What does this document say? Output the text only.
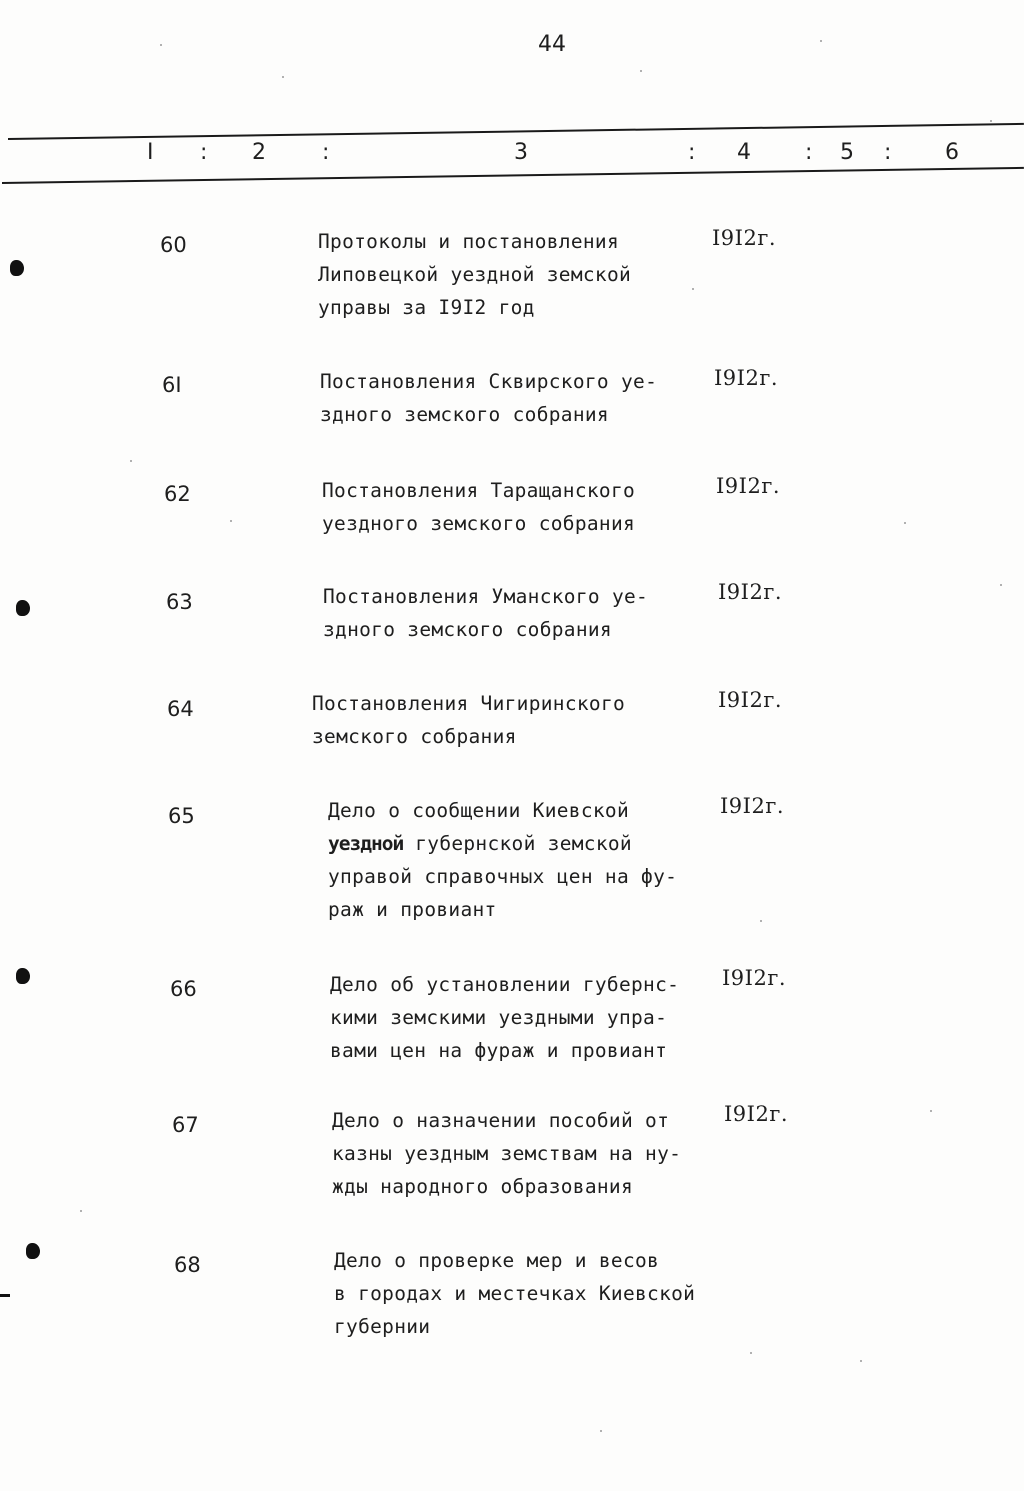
44
I : 2	:	3	: 4 : 5 : 6
60	Протоколы и постановления
Липовецкой уездной земской
управы за I9I2 год
I9I2г.
6I	Постановления Сквирского уе-
здного земского собрания
I9I2г.
62	Постановления Таращанского
уездного земского собрания
I9I2г.
63	Постановления Уманского уе-
здного земского собрания
I9I2г.
64	Постановления Чигиринского
земского собрания
I9I2г.
65	Дело о сообщении Киевской
уездной губернской земской
управой справочных цен на фу-
раж и провиант
I9I2г.
66	Дело об установлении губернс-
кими земскими уездными упра-
вами цен на фураж и провиант
I9I2г.
67	Дело о назначении пособий от
казны уездным земствам на ну-
жды народного образования
I9I2г.
68	Дело о проверке мер и весов
в городах и местечках Киевской
губернии
